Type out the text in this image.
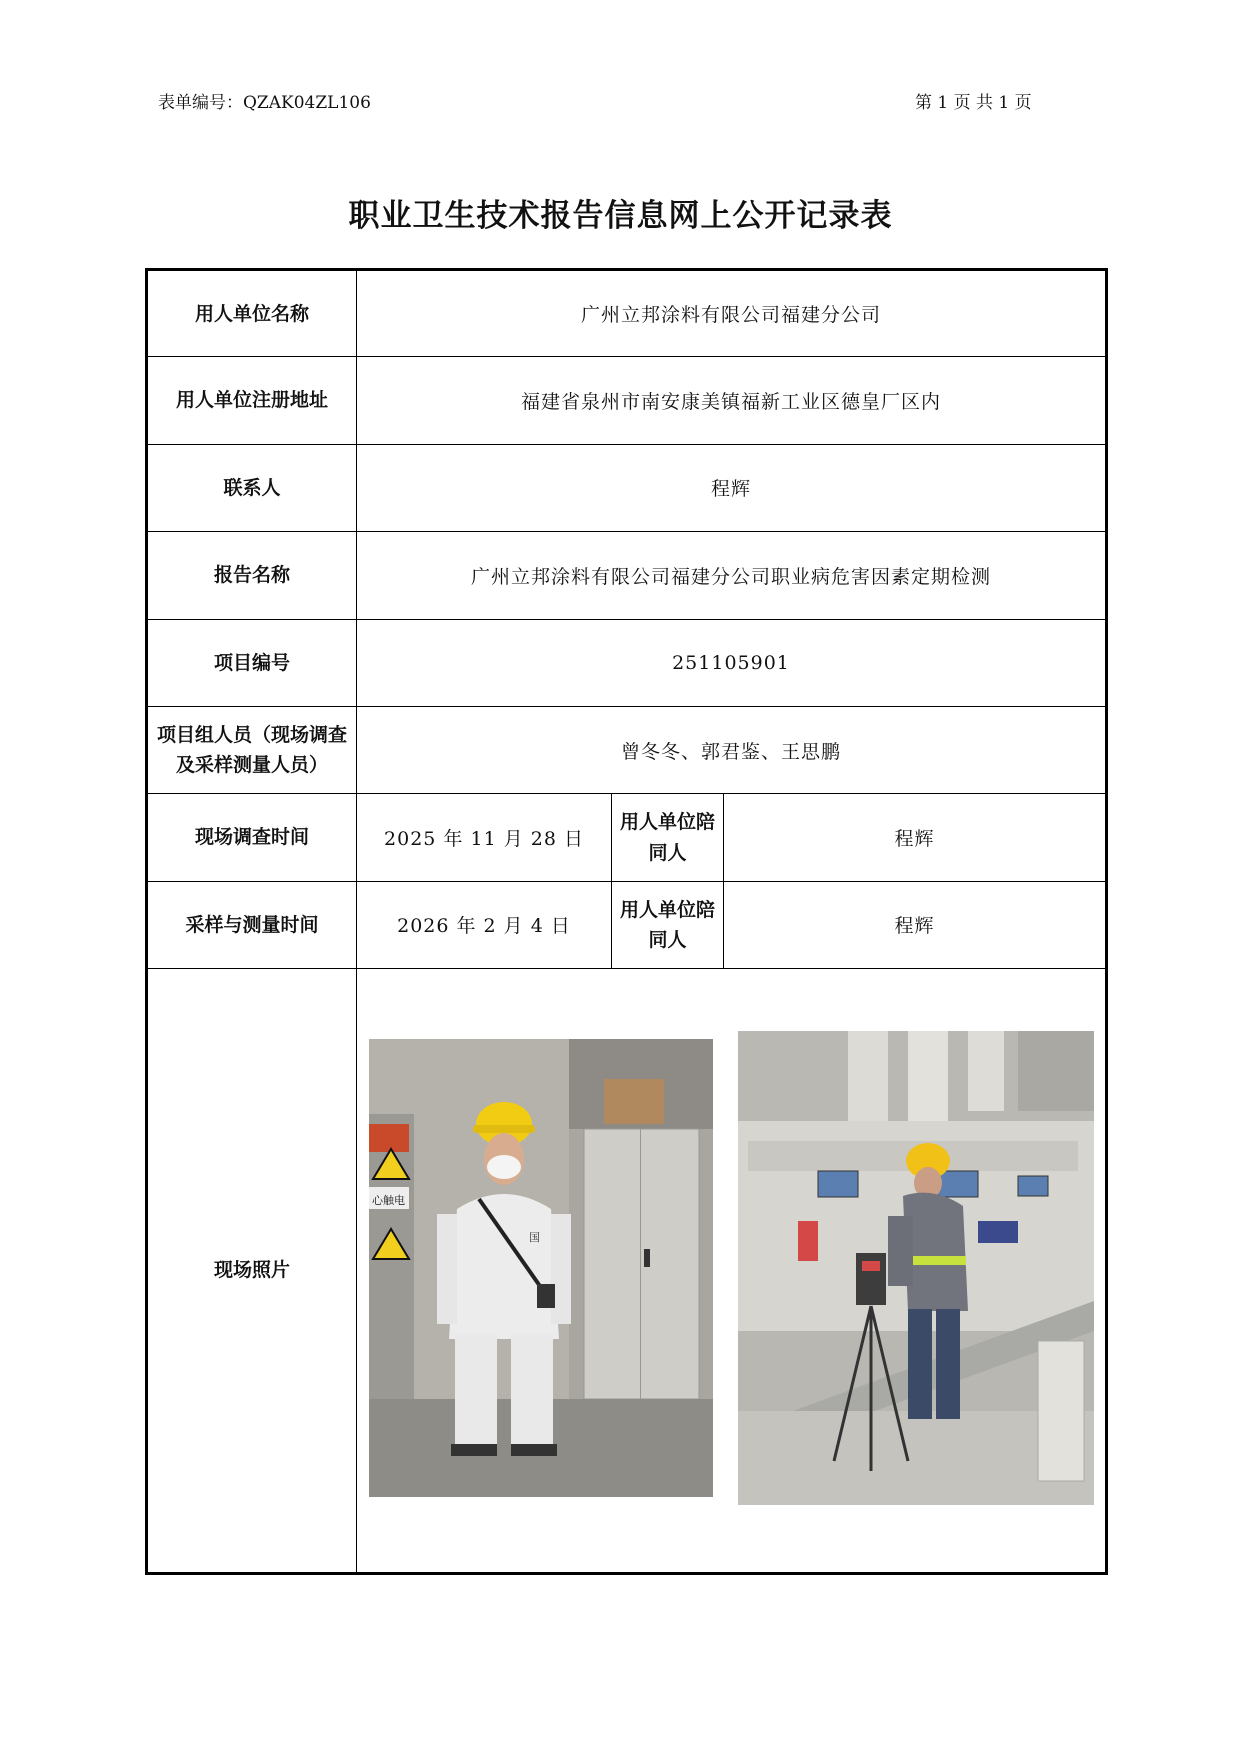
表单编号：QZAK04ZL106	第 1 页 共 1 页
职业卫生技术报告信息网上公开记录表
用人单位名称	广州立邦涂料有限公司福建分公司		
用人单位注册地址	福建省泉州市南安康美镇福新工业区德皇厂区内		
联系人	程辉		
报告名称	广州立邦涂料有限公司福建分公司职业病危害因素定期检测		
项目编号	251105901		
项目组人员（现场调查及采样测量人员）	曾冬冬、郭君鉴、王思鹏		
现场调查时间	2025 年 11 月 28 日	用人单位陪同人	程辉
采样与测量时间	2026 年 2 月 4 日	用人单位陪同人	程辉
现场照片	心触电
国		
